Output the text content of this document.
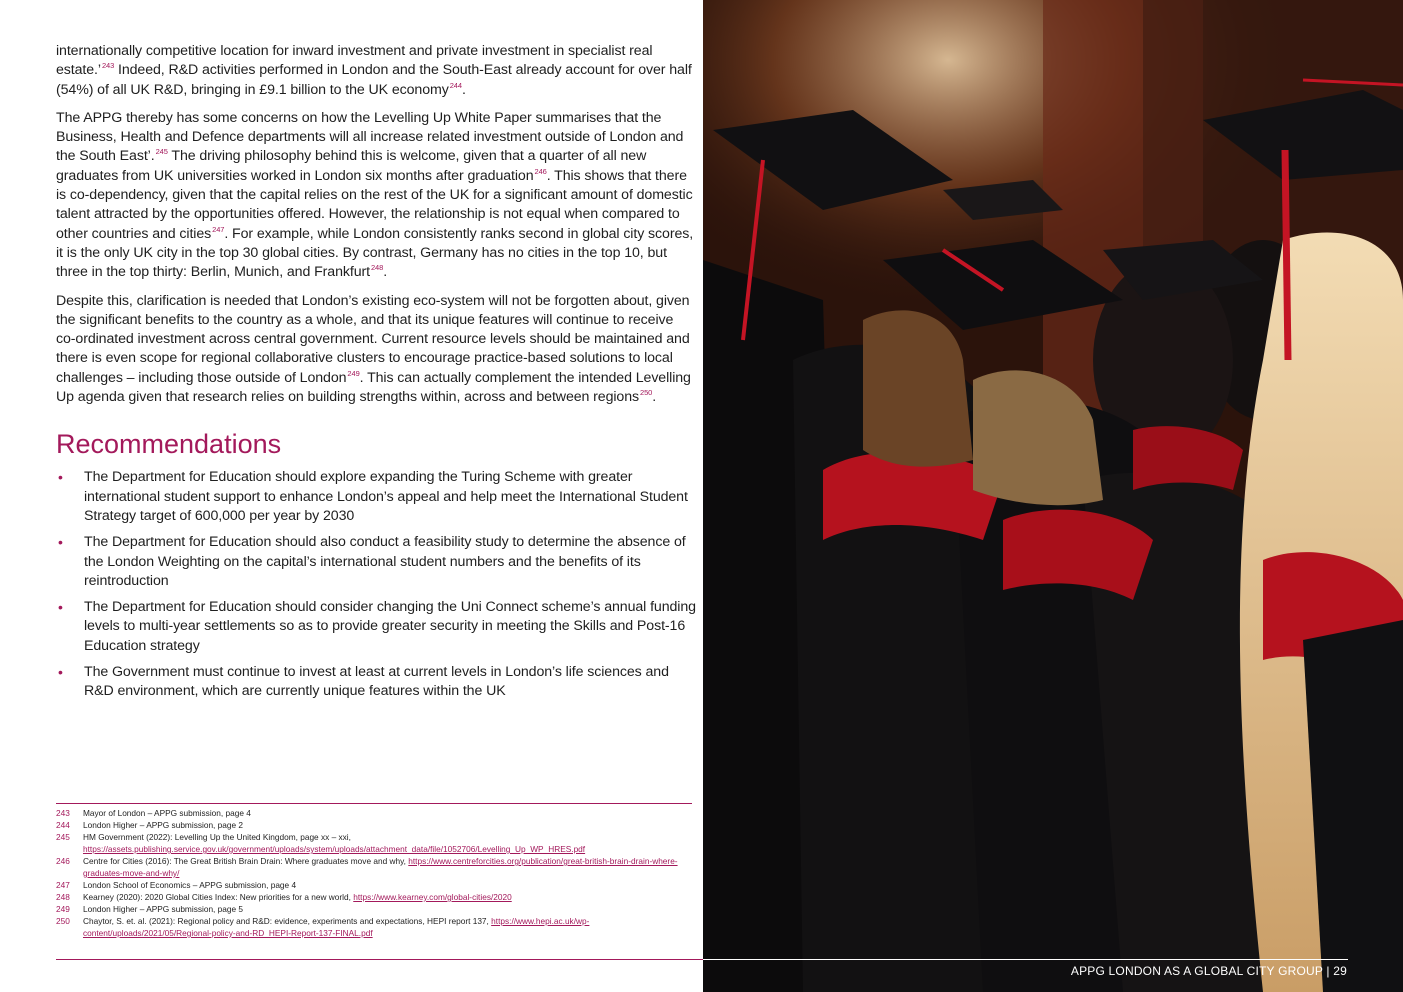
internationally competitive location for inward investment and private investment in specialist real estate.’$^{243}$ Indeed, R&D activities performed in London and the South-East already account for over half (54%) of all UK R&D, bringing in £9.1 billion to the UK economy$^{244}$.

The APPG thereby has some concerns on how the Levelling Up White Paper summarises that the Business, Health and Defence departments will all increase related investment outside of London and the South East’.$^{245}$ The driving philosophy behind this is welcome, given that a quarter of all new graduates from UK universities worked in London six months after graduation$^{246}$. This shows that there is co-dependency, given that the capital relies on the rest of the UK for a significant amount of domestic talent attracted by the opportunities offered. However, the relationship is not equal when compared to other countries and cities$^{247}$. For example, while London consistently ranks second in global city scores, it is the only UK city in the top 30 global cities. By contrast, Germany has no cities in the top 10, but three in the top thirty: Berlin, Munich, and Frankfurt$^{248}$.

Despite this, clarification is needed that London’s existing eco-system will not be forgotten about, given the significant benefits to the country as a whole, and that its unique features will continue to receive co-ordinated investment across central government. Current resource levels should be maintained and there is even scope for regional collaborative clusters to encourage practice-based solutions to local challenges – including those outside of London$^{249}$. This can actually complement the intended Levelling Up agenda given that research relies on building strengths within, across and between regions$^{250}$.

Recommendations
• The Department for Education should explore expanding the Turing Scheme with greater international student support to enhance London’s appeal and help meet the International Student Strategy target of 600,000 per year by 2030
• The Department for Education should also conduct a feasibility study to determine the absence of the London Weighting on the capital’s international student numbers and the benefits of its reintroduction
• The Department for Education should consider changing the Uni Connect scheme’s annual funding levels to multi-year settlements so as to provide greater security in meeting the Skills and Post-16 Education strategy
• The Government must continue to invest at least at current levels in London’s life sciences and R&D environment, which are currently unique features within the UK
243	Mayor of London – APPG submission, page 4
244	London Higher – APPG submission, page 2
245	HM Government (2022): Levelling Up the United Kingdom, page xx – xxi, https://assets.publishing.service.gov.uk/government/uploads/system/uploads/attachment_data/file/1052706/Levelling_Up_WP_HRES.pdf
246	Centre for Cities (2016): The Great British Brain Drain: Where graduates move and why, https://www.centreforcities.org/publication/great-british-brain-drain-where-graduates-move-and-why/
247	London School of Economics – APPG submission, page 4
248	Kearney (2020): 2020 Global Cities Index: New priorities for a new world, https://www.kearney.com/global-cities/2020
249	London Higher – APPG submission, page 5
250	Chaytor, S. et. al. (2021): Regional policy and R&D: evidence, experiments and expectations, HEPI report 137, https://www.hepi.ac.uk/wp-content/uploads/2021/05/Regional-policy-and-RD_HEPI-Report-137-FINAL.pdf
APPG LONDON AS A GLOBAL CITY GROUP | 29
